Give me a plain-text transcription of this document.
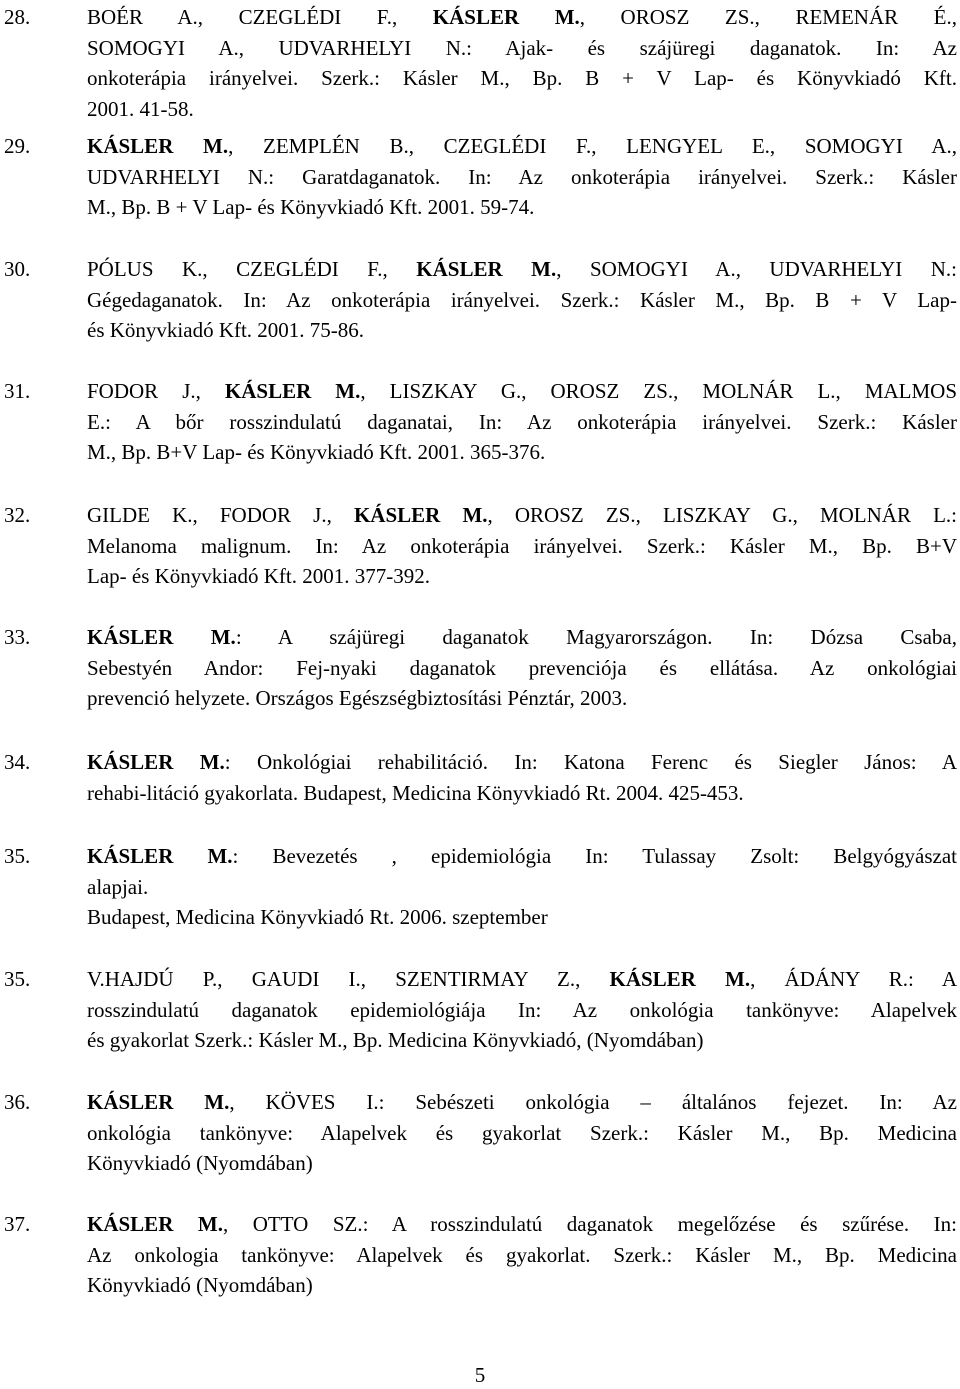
5
28.	BOÉR A., CZEGLÉDI F., KÁSLER M., OROSZ ZS., REMENÁR É.,
SOMOGYI A., UDVARHELYI N.: Ajak- és szájüregi daganatok. In: Az
onkoterápia irányelvei. Szerk.: Kásler M., Bp. B + V Lap- és Könyvkiadó Kft.
2001. 41-58.
29.	KÁSLER M., ZEMPLÉN B., CZEGLÉDI F., LENGYEL E., SOMOGYI A.,
UDVARHELYI N.: Garatdaganatok. In: Az onkoterápia irányelvei. Szerk.: Kásler
M., Bp. B + V Lap- és Könyvkiadó Kft. 2001. 59-74.
30.	PÓLUS K., CZEGLÉDI F., KÁSLER M., SOMOGYI A., UDVARHELYI N.:
Gégedaganatok. In: Az onkoterápia irányelvei. Szerk.: Kásler M., Bp. B + V Lap-
és Könyvkiadó Kft. 2001. 75-86.
31.	FODOR J., KÁSLER M., LISZKAY G., OROSZ ZS., MOLNÁR L., MALMOS
E.: A bőr rosszindulatú daganatai, In: Az onkoterápia irányelvei. Szerk.: Kásler
M., Bp. B+V Lap- és Könyvkiadó Kft. 2001. 365-376.
32.	GILDE K., FODOR J., KÁSLER M., OROSZ ZS., LISZKAY G., MOLNÁR L.:
Melanoma malignum. In: Az onkoterápia irányelvei. Szerk.: Kásler M., Bp. B+V
Lap- és Könyvkiadó Kft. 2001. 377-392.
33.	KÁSLER M.: A szájüregi daganatok Magyarországon. In: Dózsa Csaba,
Sebestyén Andor: Fej-nyaki daganatok prevenciója és ellátása. Az onkológiai
prevenció helyzete. Országos Egészségbiztosítási Pénztár, 2003.
34.	KÁSLER M.: Onkológiai rehabilitáció. In: Katona Ferenc és Siegler János: A
rehabi-litáció gyakorlata. Budapest, Medicina Könyvkiadó Rt. 2004. 425-453.
35.	KÁSLER M.: Bevezetés , epidemiológia In: Tulassay Zsolt: Belgyógyászat
alapjai.
Budapest, Medicina Könyvkiadó Rt. 2006. szeptember
35.	V.HAJDÚ P., GAUDI I., SZENTIRMAY Z., KÁSLER M., ÁDÁNY R.: A
rosszindulatú daganatok epidemiológiája In: Az onkológia tankönyve: Alapelvek
és gyakorlat Szerk.: Kásler M., Bp. Medicina Könyvkiadó, (Nyomdában)
36.	KÁSLER M., KÖVES I.: Sebészeti onkológia – általános fejezet. In: Az
onkológia tankönyve: Alapelvek és gyakorlat Szerk.: Kásler M., Bp. Medicina
Könyvkiadó (Nyomdában)
37.	KÁSLER M., OTTO SZ.: A rosszindulatú daganatok megelőzése és szűrése. In:
Az onkologia tankönyve: Alapelvek és gyakorlat. Szerk.: Kásler M., Bp. Medicina
Könyvkiadó (Nyomdában)
